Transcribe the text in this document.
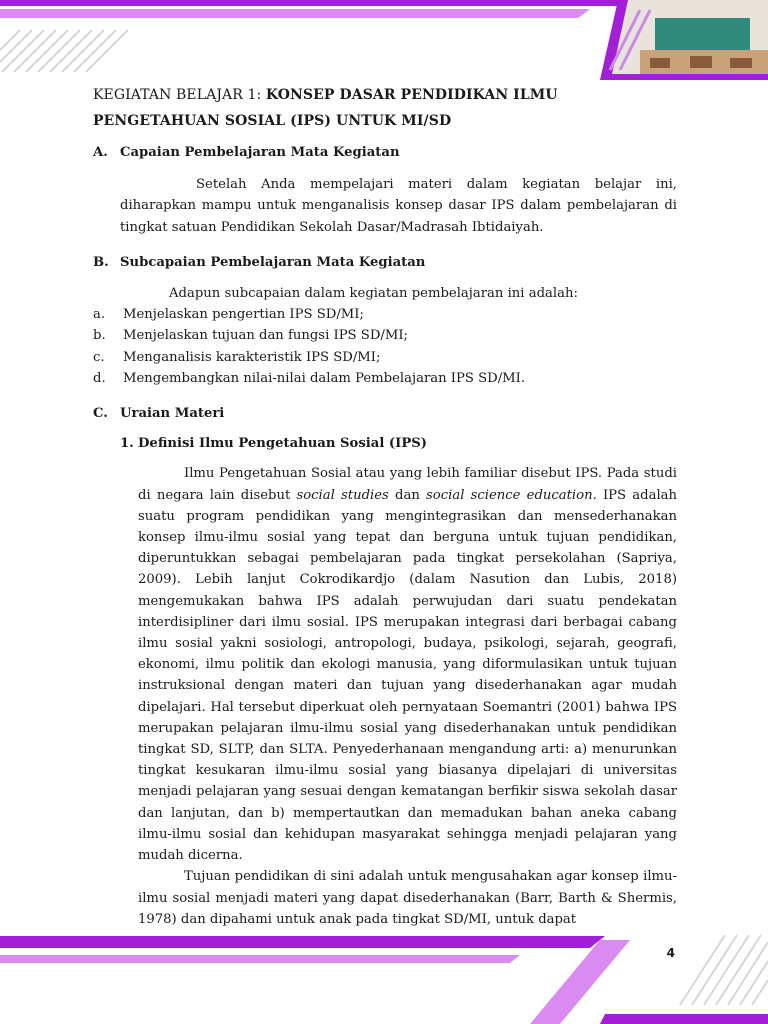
KEGIATAN BELAJAR 1: KONSEP DASAR PENDIDIKAN ILMU
PENGETAHUAN SOSIAL (IPS) UNTUK MI/SD
A. Capaian Pembelajaran Mata Kegiatan

Setelah Anda mempelajari materi dalam kegiatan belajar ini, diharapkan mampu untuk menganalisis konsep dasar IPS dalam pembelajaran di tingkat satuan Pendidikan Sekolah Dasar/Madrasah Ibtidaiyah.

B. Subcapaian Pembelajaran Mata Kegiatan

Adapun subcapaian dalam kegiatan pembelajaran ini adalah:

a.	Menjelaskan pengertian IPS SD/MI;
b.	Menjelaskan tujuan dan fungsi IPS SD/MI;
c.	Menganalisis karakteristik IPS SD/MI;
d.	Mengembangkan nilai-nilai dalam Pembelajaran IPS SD/MI.
C. Uraian Materi
1. Definisi Ilmu Pengetahuan Sosial (IPS)

Ilmu Pengetahuan Sosial atau yang lebih familiar disebut IPS. Pada studi di negara lain disebut social studies dan social science education. IPS adalah suatu program pendidikan yang mengintegrasikan dan mensederhanakan konsep ilmu-ilmu sosial yang tepat dan berguna untuk tujuan pendidikan, diperuntukkan sebagai pembelajaran pada tingkat persekolahan (Sapriya, 2009). Lebih lanjut Cokrodikardjo (dalam Nasution dan Lubis, 2018) mengemukakan bahwa IPS adalah perwujudan dari suatu pendekatan interdisipliner dari ilmu sosial. IPS merupakan integrasi dari berbagai cabang ilmu sosial yakni sosiologi, antropologi, budaya, psikologi, sejarah, geografi, ekonomi, ilmu politik dan ekologi manusia, yang diformulasikan untuk tujuan instruksional dengan materi dan tujuan yang disederhanakan agar mudah dipelajari. Hal tersebut diperkuat oleh pernyataan Soemantri (2001) bahwa IPS merupakan pelajaran ilmu-ilmu sosial yang disederhanakan untuk pendidikan tingkat SD, SLTP, dan SLTA. Penyederhanaan mengandung arti: a) menurunkan tingkat kesukaran ilmu-ilmu sosial yang biasanya dipelajari di universitas menjadi pelajaran yang sesuai dengan kematangan berfikir siswa sekolah dasar dan lanjutan, dan b) mempertautkan dan memadukan bahan aneka cabang ilmu-ilmu sosial dan kehidupan masyarakat sehingga menjadi pelajaran yang mudah dicerna.

Tujuan pendidikan di sini adalah untuk mengusahakan agar konsep ilmu-ilmu sosial menjadi materi yang dapat disederhanakan (Barr, Barth & Shermis, 1978) dan dipahami untuk anak pada tingkat SD/MI, untuk dapat

4
